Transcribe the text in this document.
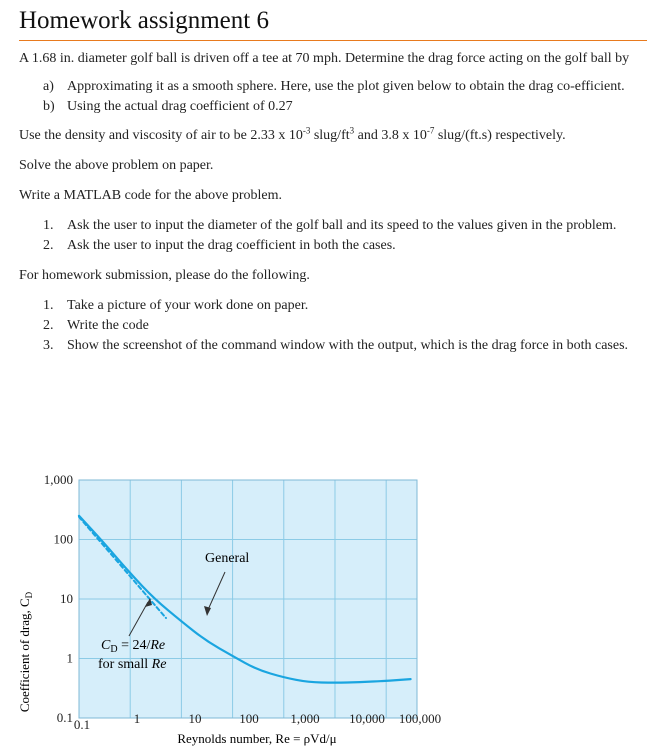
Homework assignment 6

A 1.68 in. diameter golf ball is driven off a tee at 70 mph. Determine the drag force acting on the golf ball by

a) Approximating it as a smooth sphere. Here, use the plot given below to obtain the drag co-efficient.
b) Using the actual drag coefficient of 0.27

Use the density and viscosity of air to be 2.33 x $10^{-3}$ slug/$ft^3$ and 3.8 x $10^{-7}$ slug/(ft.s) respectively.

Solve the above problem on paper.

Write a MATLAB code for the above problem.

1. Ask the user to input the diameter of the golf ball and its speed to the values given in the problem.
2. Ask the user to input the drag coefficient in both the cases.

For homework submission, please do the following.

1. Take a picture of your work done on paper.
2. Write the code
3. Show the screenshot of the command window with the output, which is the drag force in both cases.
0.1
1
10
100
1,000
0.1	1	10	100 1,000 10,000 100,000
Coefficient of drag, $C_D$
Reynolds number, Re = ρVd/μ
General
$C_D = 24/Re$
for small Re
